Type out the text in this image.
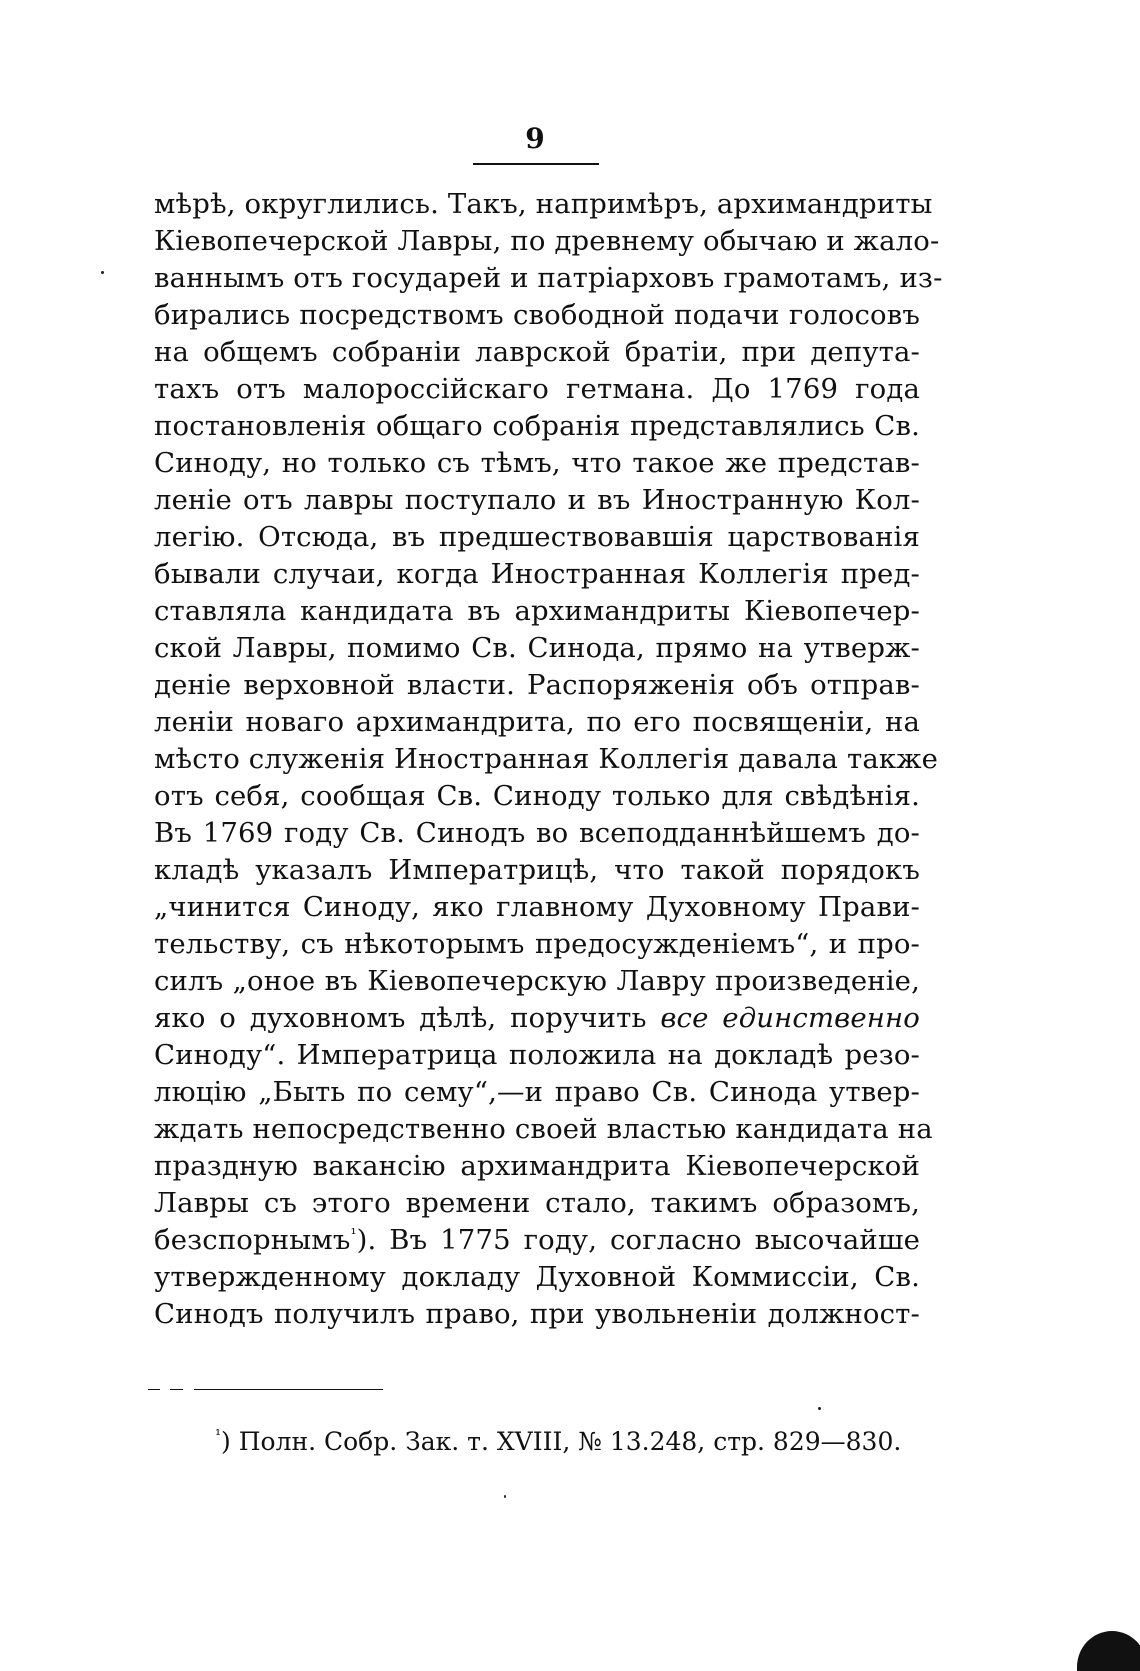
9
мѣрѣ, округлились. Такъ, напримѣръ, архимандриты
Кіевопечерской Лавры, по древнему обычаю и жало-
ваннымъ отъ государей и патріарховъ грамотамъ, из-
бирались посредствомъ свободной подачи голосовъ
на общемъ собраніи лаврской братіи, при депута-
тахъ отъ малороссійскаго гетмана. До 1769 года
постановленія общаго собранія представлялись Св.
Синоду, но только съ тѣмъ, что такое же представ-
леніе отъ лавры поступало и въ Иностранную Кол-
легію. Отсюда, въ предшествовавшія царствованія
бывали случаи, когда Иностранная Коллегія пред-
ставляла кандидата въ архимандриты Кіевопечер-
ской Лавры, помимо Св. Синода, прямо на утверж-
деніе верховной власти. Распоряженія объ отправ-
леніи новаго архимандрита, по его посвященіи, на
мѣсто служенія Иностранная Коллегія давала также
отъ себя, сообщая Св. Синоду только для свѣдѣнія.
Въ 1769 году Св. Синодъ во всеподданнѣйшемъ до-
кладѣ указалъ Императрицѣ, что такой порядокъ
„чинится Синоду, яко главному Духовному Прави-
тельству, съ нѣкоторымъ предосужденіемъ“, и про-
силъ „оное въ Кіевопечерскую Лавру произведеніе,
яко о духовномъ дѣлѣ, поручить все единственно
Синоду“. Императрица положила на докладѣ резо-
люцію „Быть по сему“,—и право Св. Синода утвер-
ждать непосредственно своей властью кандидата на
праздную вакансію архимандрита Кіевопечерской
Лавры съ этого времени стало, такимъ образомъ,
безспорнымъ$^{^1}$). Въ 1775 году, согласно высочайше
утвержденному докладу Духовной Коммиссіи, Св.
Синодъ получилъ право, при увольненіи должност-
$^{^1}$) Полн. Собр. Зак. т. XVIII, № 13.248, стр. 829—830.
